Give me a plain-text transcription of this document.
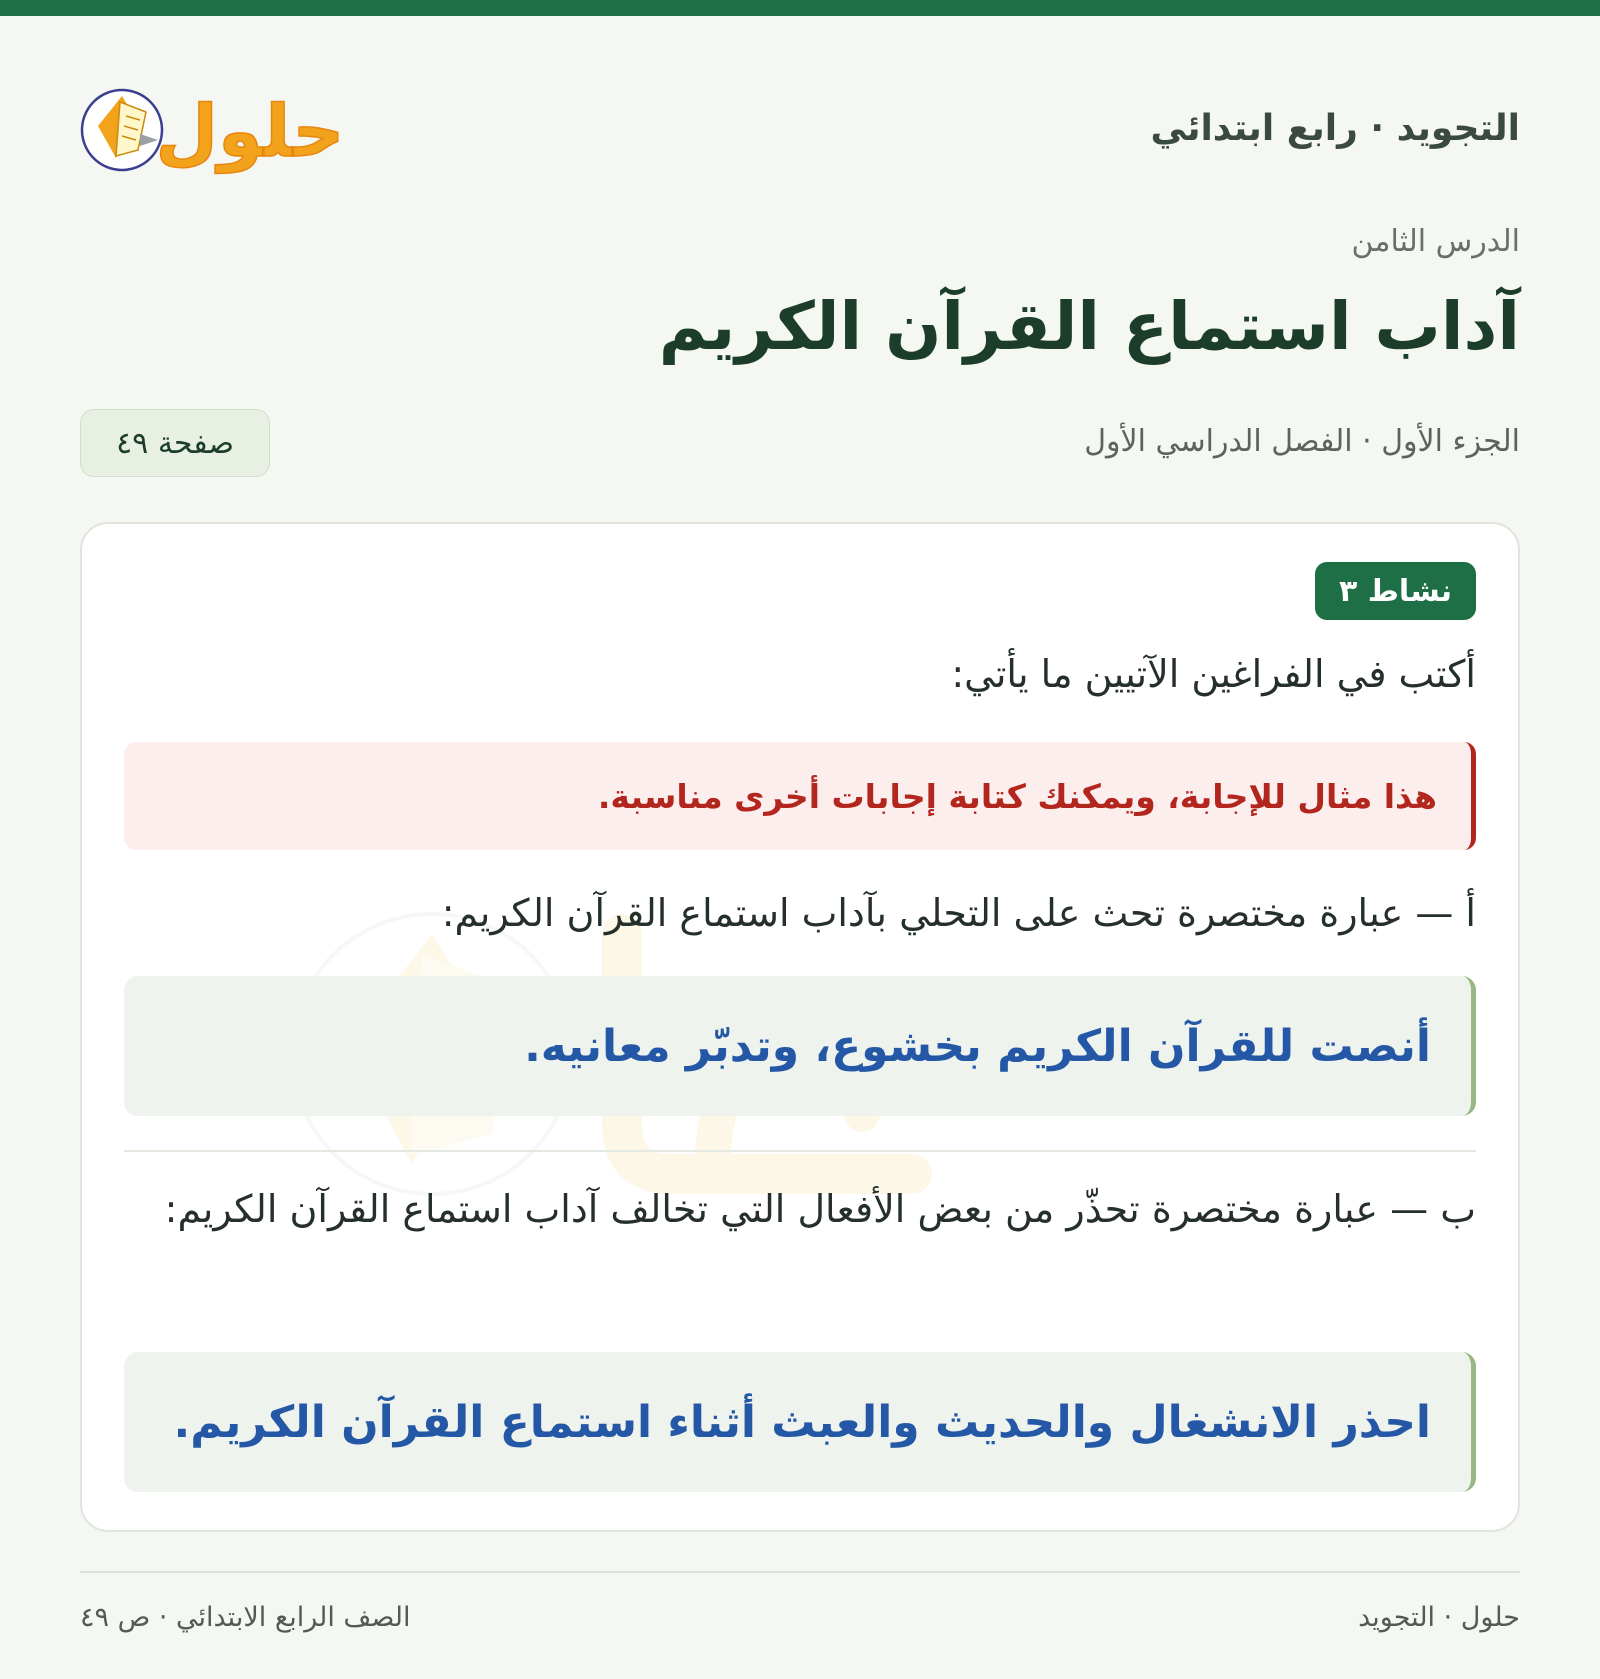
التجويد · رابع ابتدائي
حلول
الدرس الثامن
آداب استماع القرآن الكريم
الجزء الأول · الفصل الدراسي الأول
صفحة ٤٩
نشاط ٣
أكتب في الفراغين الآتيين ما يأتي:
هذا مثال للإجابة، ويمكنك كتابة إجابات أخرى مناسبة.
أ — عبارة مختصرة تحث على التحلي بآداب استماع القرآن الكريم:
أنصت للقرآن الكريم بخشوع، وتدبّر معانيه.
ب — عبارة مختصرة تحذّر من بعض الأفعال التي تخالف آداب استماع القرآن الكريم:
احذر الانشغال والحديث والعبث أثناء استماع القرآن الكريم.
حلول · التجويد
الصف الرابع الابتدائي · ص ٤٩
